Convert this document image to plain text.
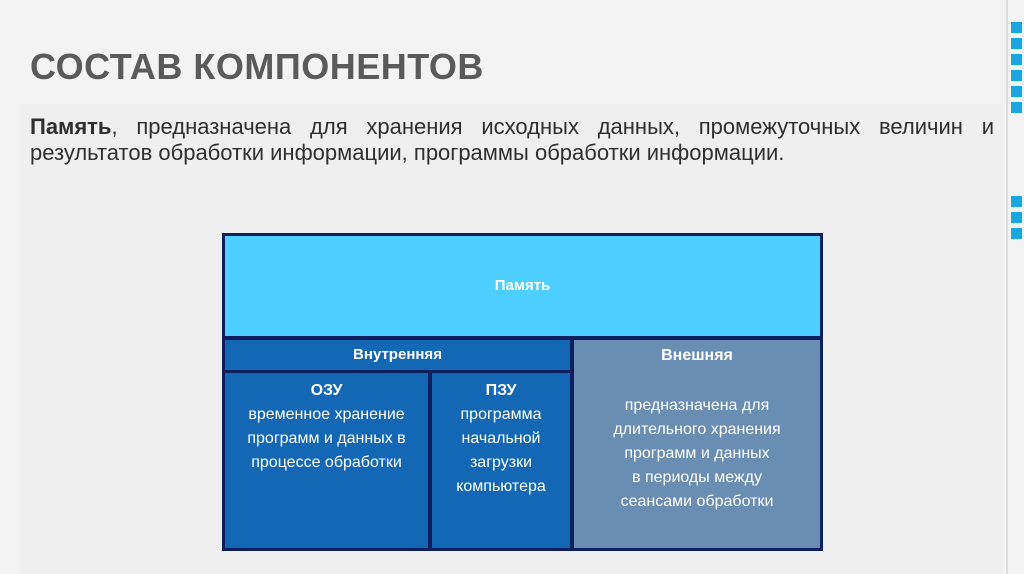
СОСТАВ КОМПОНЕНТОВ
Память, предназначена для хранения исходных данных, промежуточных величин и результатов обработки информации, программы обработки информации.
Память
Внутренняя
ОЗУ
временное хранение
программ и данных в
процессе обработки
ПЗУ
программа
начальной
загрузки
компьютера
Внешняя
предназначена для
длительного хранения
программ и данных
в периоды между
сеансами обработки
